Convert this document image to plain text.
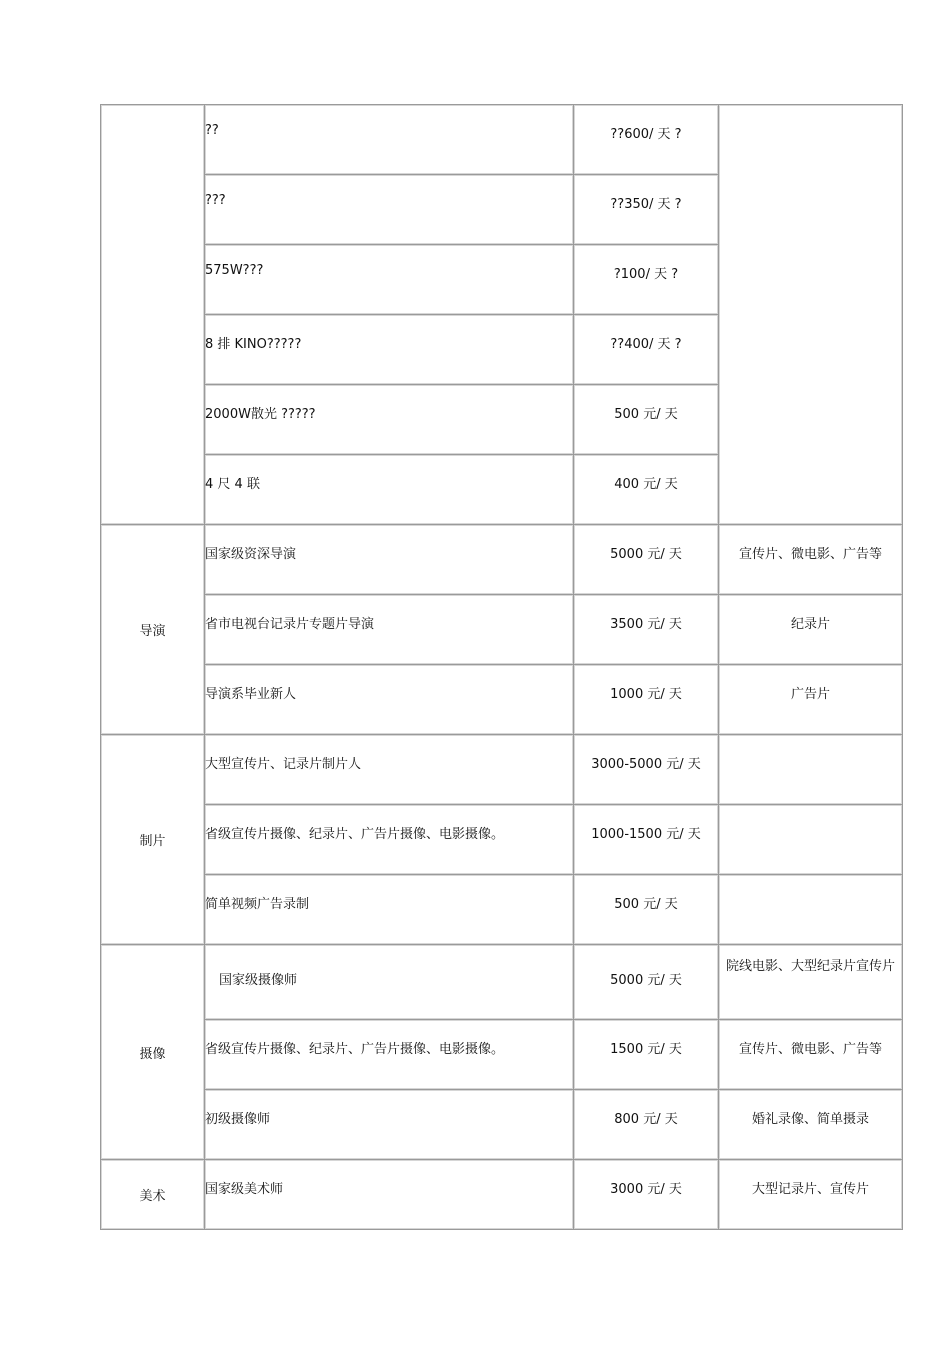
	??	??600/ 天 ?	
	???	??350/ 天 ?	
	575W???	?100/ 天 ?	
	8 排 KINO?????	??400/ 天 ?	
	2000W散光 ?????	500 元/ 天	
	4 尺 4 联	400 元/ 天	
导演	国家级资深导演	5000 元/ 天	宣传片、微电影、广告等
	省市电视台记录片专题片导演	3500 元/ 天	纪录片
	导演系毕业新人	1000 元/ 天	广告片
制片	大型宣传片、记录片制片人	3000-5000 元/ 天	
	省级宣传片摄像、纪录片、广告片摄像、电影摄像。	1000-1500 元/ 天	
	简单视频广告录制	500 元/ 天	
摄像	国家级摄像师	5000 元/ 天	院线电影、大型纪录片宣传片
	省级宣传片摄像、纪录片、广告片摄像、电影摄像。	1500 元/ 天	宣传片、微电影、广告等
	初级摄像师	800 元/ 天	婚礼录像、简单摄录
美术	国家级美术师	3000 元/ 天	大型记录片、宣传片
